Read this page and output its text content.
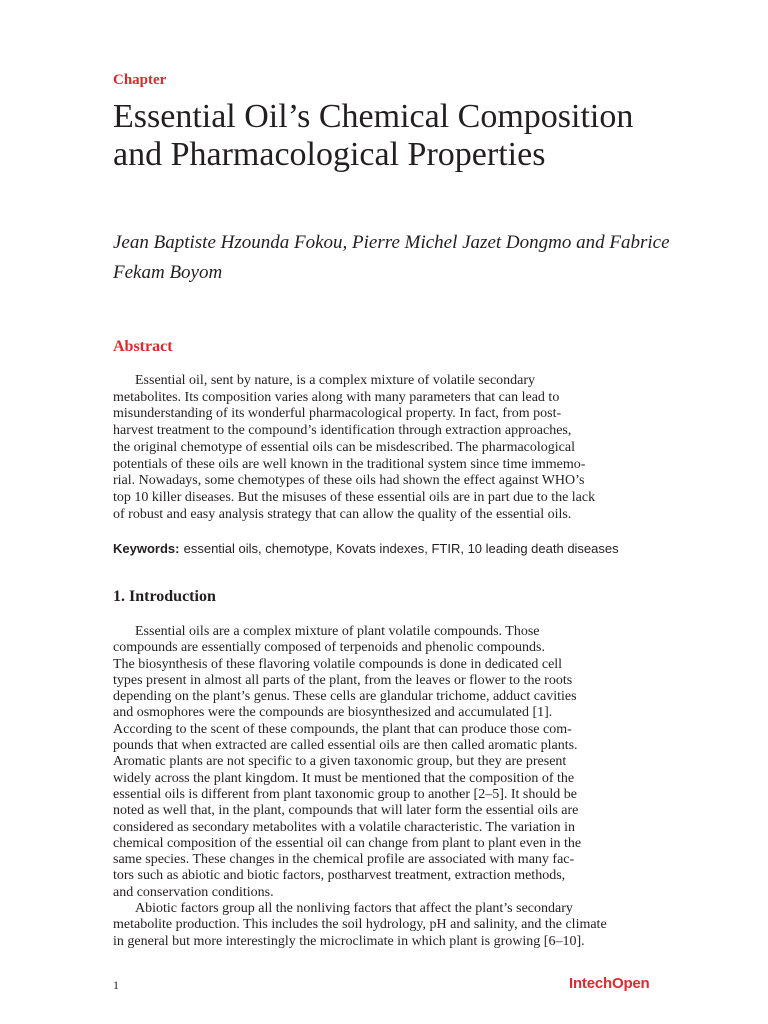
Chapter
Essential Oil’s Chemical Composition and Pharmacological Properties
Jean Baptiste Hzounda Fokou, Pierre Michel Jazet Dongmo and Fabrice Fekam Boyom
Abstract
Essential oil, sent by nature, is a complex mixture of volatile secondary
metabolites. Its composition varies along with many parameters that can lead to
misunderstanding of its wonderful pharmacological property. In fact, from post-
harvest treatment to the compound’s identification through extraction approaches,
the original chemotype of essential oils can be misdescribed. The pharmacological
potentials of these oils are well known in the traditional system since time immemo-
rial. Nowadays, some chemotypes of these oils had shown the effect against WHO’s
top 10 killer diseases. But the misuses of these essential oils are in part due to the lack
of robust and easy analysis strategy that can allow the quality of the essential oils.
Keywords: essential oils, chemotype, Kovats indexes, FTIR, 10 leading death diseases
1. Introduction
Essential oils are a complex mixture of plant volatile compounds. Those
compounds are essentially composed of terpenoids and phenolic compounds.
The biosynthesis of these flavoring volatile compounds is done in dedicated cell
types present in almost all parts of the plant, from the leaves or flower to the roots
depending on the plant’s genus. These cells are glandular trichome, adduct cavities
and osmophores were the compounds are biosynthesized and accumulated [1].
According to the scent of these compounds, the plant that can produce those com-
pounds that when extracted are called essential oils are then called aromatic plants.
Aromatic plants are not specific to a given taxonomic group, but they are present
widely across the plant kingdom. It must be mentioned that the composition of the
essential oils is different from plant taxonomic group to another [2–5]. It should be
noted as well that, in the plant, compounds that will later form the essential oils are
considered as secondary metabolites with a volatile characteristic. The variation in
chemical composition of the essential oil can change from plant to plant even in the
same species. These changes in the chemical profile are associated with many fac-
tors such as abiotic and biotic factors, postharvest treatment, extraction methods,
and conservation conditions.
Abiotic factors group all the nonliving factors that affect the plant’s secondary
metabolite production. This includes the soil hydrology, pH and salinity, and the climate
in general but more interestingly the microclimate in which plant is growing [6–10].
1	IntechOpen
